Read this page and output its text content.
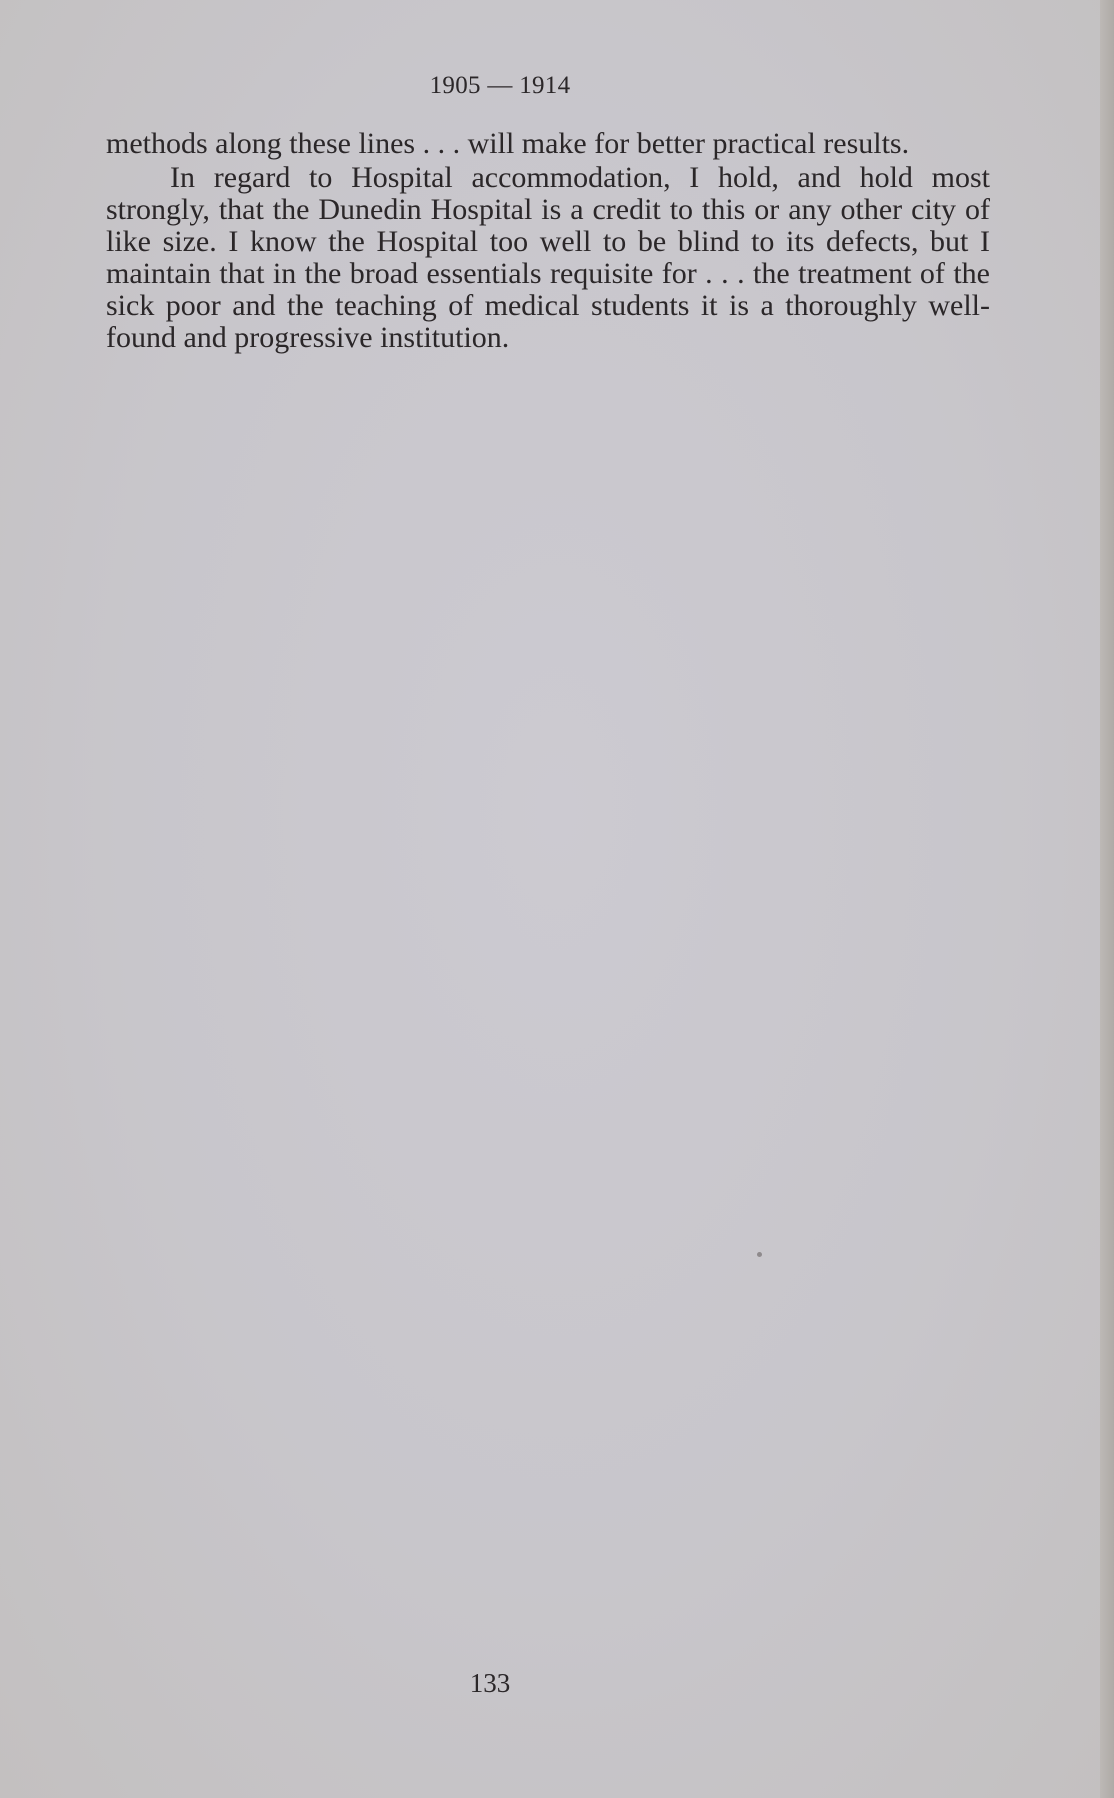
1905 — 1914

methods along these lines . . . will make for better practical results.

In regard to Hospital accommodation, I hold, and hold most strongly, that the Dunedin Hospital is a credit to this or any other city of like size. I know the Hospital too well to be blind to its defects, but I maintain that in the broad essentials requisite for . . . the treatment of the sick poor and the teaching of medical students it is a thoroughly well-found and progressive institution.

133
